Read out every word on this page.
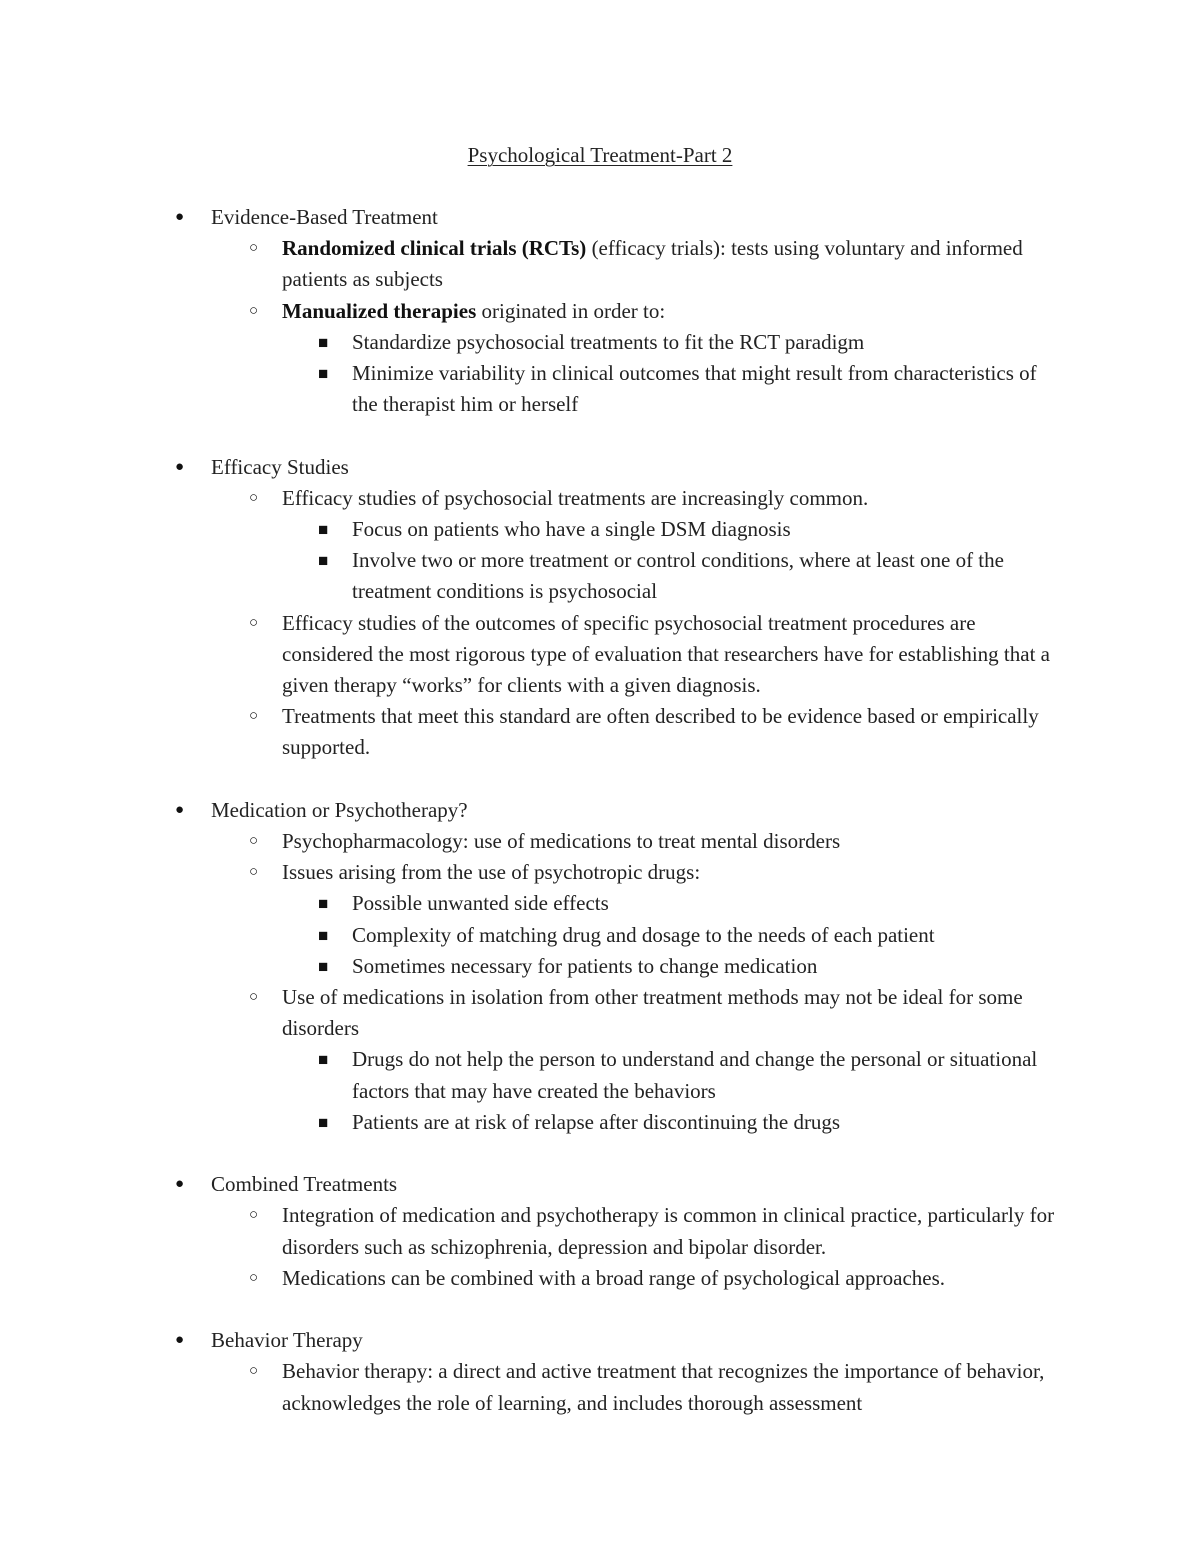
Psychological Treatment-Part 2
● Evidence-Based Treatment
○ Randomized clinical trials (RCTs) (efficacy trials): tests using voluntary and informed patients as subjects
○ Manualized therapies originated in order to:
■ Standardize psychosocial treatments to fit the RCT paradigm
■ Minimize variability in clinical outcomes that might result from characteristics of the therapist him or herself
● Efficacy Studies
○ Efficacy studies of psychosocial treatments are increasingly common.
■ Focus on patients who have a single DSM diagnosis
■ Involve two or more treatment or control conditions, where at least one of the treatment conditions is psychosocial
○ Efficacy studies of the outcomes of specific psychosocial treatment procedures are considered the most rigorous type of evaluation that researchers have for establishing that a given therapy “works” for clients with a given diagnosis.
○ Treatments that meet this standard are often described to be evidence based or empirically supported.
● Medication or Psychotherapy?
○ Psychopharmacology: use of medications to treat mental disorders
○ Issues arising from the use of psychotropic drugs:
■ Possible unwanted side effects
■ Complexity of matching drug and dosage to the needs of each patient
■ Sometimes necessary for patients to change medication
○ Use of medications in isolation from other treatment methods may not be ideal for some disorders
■ Drugs do not help the person to understand and change the personal or situational factors that may have created the behaviors
■ Patients are at risk of relapse after discontinuing the drugs
● Combined Treatments
○ Integration of medication and psychotherapy is common in clinical practice, particularly for disorders such as schizophrenia, depression and bipolar disorder.
○ Medications can be combined with a broad range of psychological approaches.
● Behavior Therapy
○ Behavior therapy: a direct and active treatment that recognizes the importance of behavior, acknowledges the role of learning, and includes thorough assessment
